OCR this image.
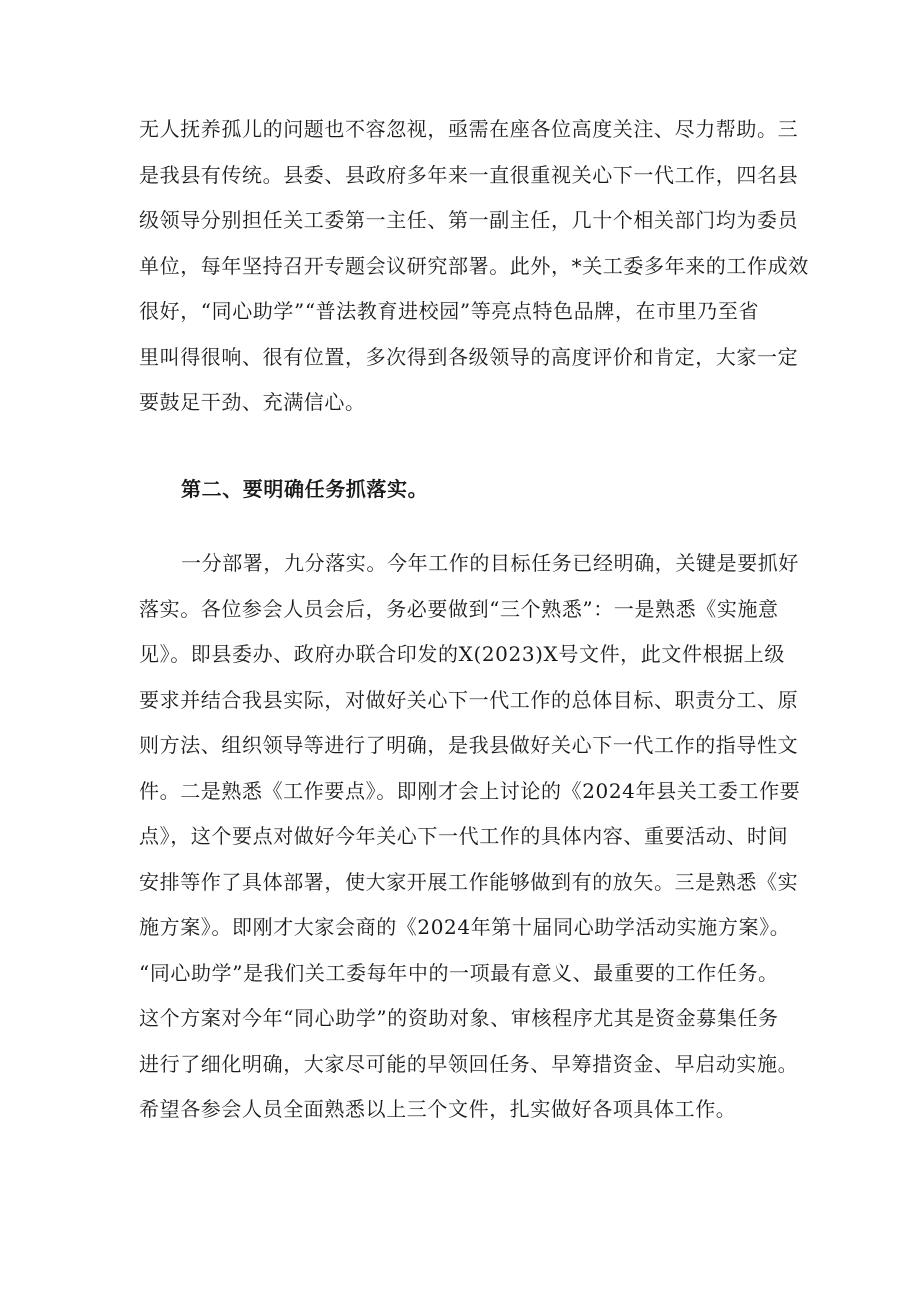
无人抚养孤儿的问题也不容忽视，亟需在座各位高度关注、尽力帮助。三
是我县有传统。县委、县政府多年来一直很重视关心下一代工作，四名县
级领导分别担任关工委第一主任、第一副主任，几十个相关部门均为委员
单位，每年坚持召开专题会议研究部署。此外，*关工委多年来的工作成效
很好，“同心助学”“普法教育进校园”等亮点特色品牌，在市里乃至省
里叫得很响、很有位置，多次得到各级领导的高度评价和肯定，大家一定
要鼓足干劲、充满信心。
第二、要明确任务抓落实。
一分部署，九分落实。今年工作的目标任务已经明确，关键是要抓好
落实。各位参会人员会后，务必要做到“三个熟悉”：一是熟悉《实施意
见》。即县委办、政府办联合印发的X(2023)X号文件，此文件根据上级
要求并结合我县实际，对做好关心下一代工作的总体目标、职责分工、原
则方法、组织领导等进行了明确，是我县做好关心下一代工作的指导性文
件。二是熟悉《工作要点》。即刚才会上讨论的《2024年县关工委工作要
点》，这个要点对做好今年关心下一代工作的具体内容、重要活动、时间
安排等作了具体部署，使大家开展工作能够做到有的放矢。三是熟悉《实
施方案》。即刚才大家会商的《2024年第十届同心助学活动实施方案》。
“同心助学”是我们关工委每年中的一项最有意义、最重要的工作任务。
这个方案对今年“同心助学”的资助对象、审核程序尤其是资金募集任务
进行了细化明确，大家尽可能的早领回任务、早筹措资金、早启动实施。
希望各参会人员全面熟悉以上三个文件，扎实做好各项具体工作。
